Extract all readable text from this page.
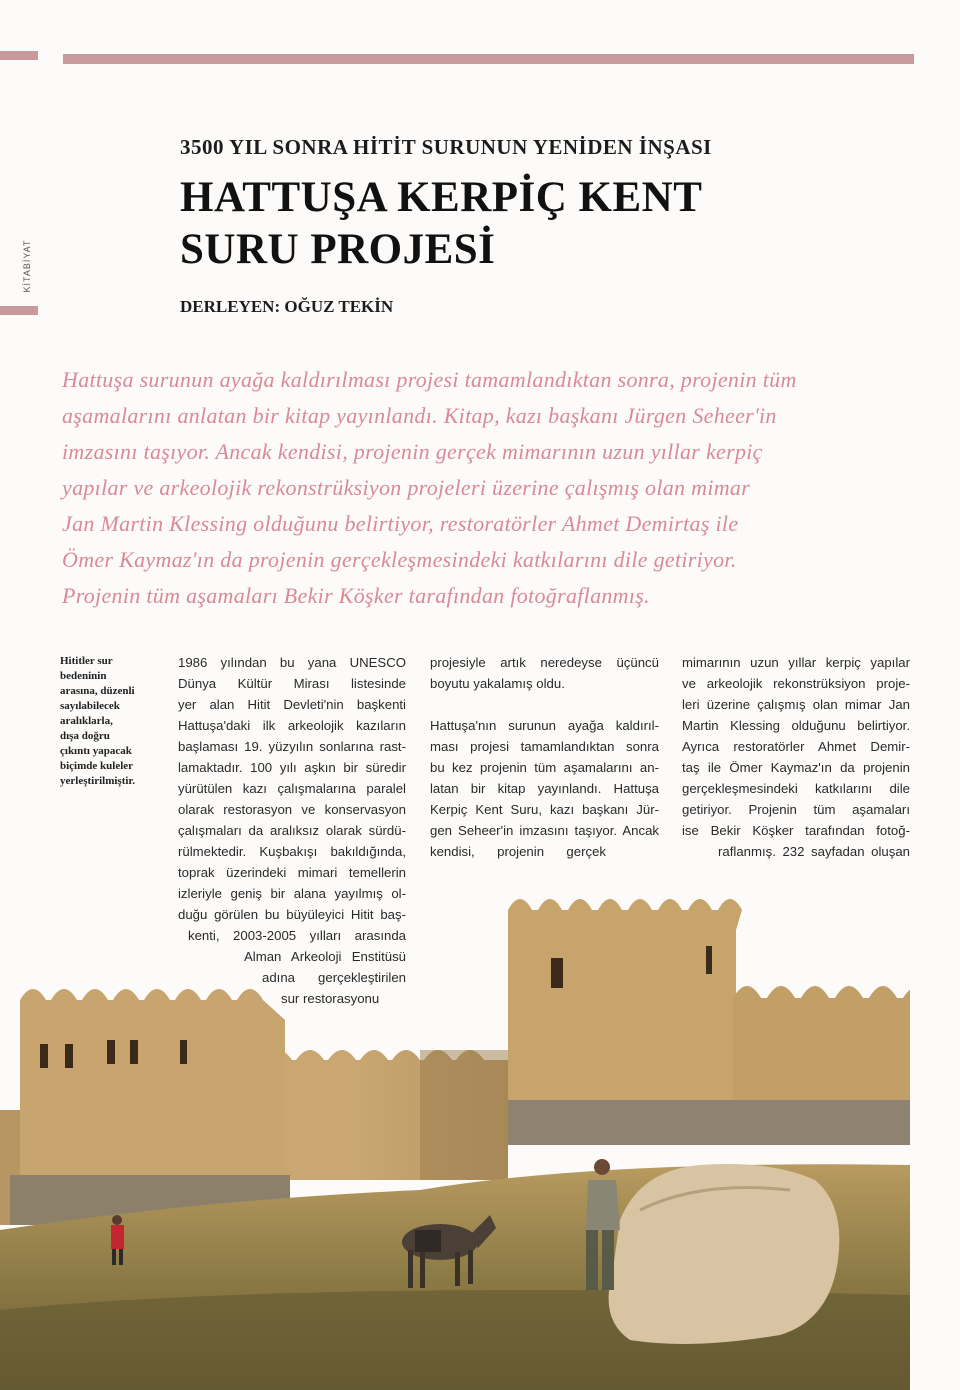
KİTABİYAT
3500 YIL SONRA HİTİT SURUNUN YENİDEN İNŞASI
HATTUŞA KERPİÇ KENT
SURU PROJESİ
DERLEYEN: OĞUZ TEKİN
Hattuşa surunun ayağa kaldırılması projesi tamamlandıktan sonra, projenin tüm
aşamalarını anlatan bir kitap yayınlandı. Kitap, kazı başkanı Jürgen Seheer'in
imzasını taşıyor. Ancak kendisi, projenin gerçek mimarının uzun yıllar kerpiç
yapılar ve arkeolojik rekonstrüksiyon projeleri üzerine çalışmış olan mimar
Jan Martin Klessing olduğunu belirtiyor, restoratörler Ahmet Demirtaş ile
Ömer Kaymaz'ın da projenin gerçekleşmesindeki katkılarını dile getiriyor.
Projenin tüm aşamaları Bekir Köşker tarafından fotoğraflanmış.
Hititler sur
bedeninin
arasına, düzenli
sayılabilecek
aralıklarla,
dışa doğru
çıkıntı yapacak
biçimde kuleler
yerleştirilmiştir.
1986 yılından bu yana UNESCO
Dünya Kültür Mirası listesinde
yer alan Hitit Devleti'nin başkenti
Hattuşa'daki ilk arkeolojik kazıların
başlaması 19. yüzyılın sonlarına rast-
lamaktadır. 100 yılı aşkın bir süredir
yürütülen kazı çalışmalarına paralel
olarak restorasyon ve konservasyon
çalışmaları da aralıksız olarak sürdü-
rülmektedir. Kuşbakışı bakıldığında,
toprak üzerindeki mimari temellerin
izleriyle geniş bir alana yayılmış ol-
duğu görülen bu büyüleyici Hitit baş-
kenti, 2003-2005 yılları arasında
Alman Arkeoloji Enstitüsü
adına gerçekleştirilen
sur restorasyonu
projesiyle artık neredeyse üçüncü
boyutu yakalamış oldu.
Hattuşa'nın surunun ayağa kaldırıl-
ması projesi tamamlandıktan sonra
bu kez projenin tüm aşamalarını an-
latan bir kitap yayınlandı. Hattuşa
Kerpiç Kent Suru, kazı başkanı Jür-
gen Seheer'in imzasını taşıyor. Ancak
kendisi, projenin gerçek
mimarının uzun yıllar kerpiç yapılar
ve arkeolojik rekonstrüksiyon proje-
leri üzerine çalışmış olan mimar Jan
Martin Klessing olduğunu belirtiyor.
Ayrıca restoratörler Ahmet Demir-
taş ile Ömer Kaymaz'ın da projenin
gerçekleşmesindeki katkılarını dile
getiriyor. Projenin tüm aşamaları
ise Bekir Köşker tarafından fotoğ-
raflanmış. 232 sayfadan oluşan
